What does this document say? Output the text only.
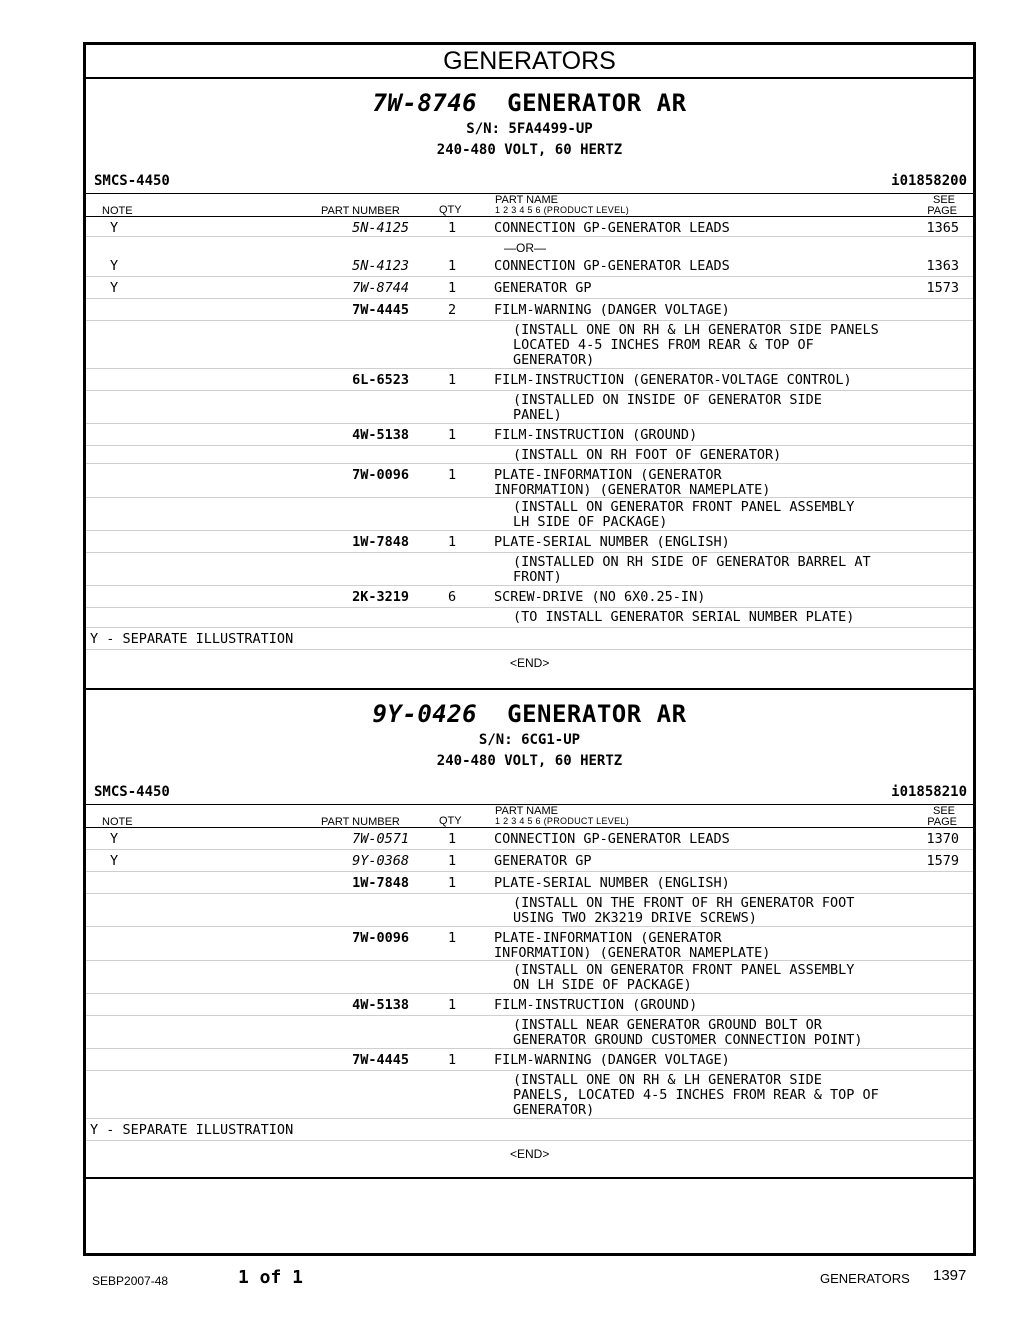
GENERATORS
7W-8746 GENERATOR AR
S/N: 5FA4499-UP
240-480 VOLT, 60 HERTZ
SMCS-4450	i01858200
NOTE	PART NUMBER	QTY
PART NAME
1 2 3 4 5 6 (PRODUCT LEVEL)
SEE
PAGE
Y	5N-4125	1	CONNECTION GP-GENERATOR LEADS	1365
—OR—
Y	5N-4123	1	CONNECTION GP-GENERATOR LEADS	1363
Y	7W-8744	1	GENERATOR GP	1573
7W-4445	2	FILM-WARNING (DANGER VOLTAGE)
(INSTALL ONE ON RH & LH GENERATOR SIDE PANELS
LOCATED 4-5 INCHES FROM REAR & TOP OF
GENERATOR)
6L-6523	1	FILM-INSTRUCTION (GENERATOR-VOLTAGE CONTROL)
(INSTALLED ON INSIDE OF GENERATOR SIDE
PANEL)
4W-5138	1	FILM-INSTRUCTION (GROUND)
(INSTALL ON RH FOOT OF GENERATOR)
7W-0096	1	PLATE-INFORMATION (GENERATOR
INFORMATION) (GENERATOR NAMEPLATE)
(INSTALL ON GENERATOR FRONT PANEL ASSEMBLY
LH SIDE OF PACKAGE)
1W-7848	1	PLATE-SERIAL NUMBER (ENGLISH)
(INSTALLED ON RH SIDE OF GENERATOR BARREL AT
FRONT)
2K-3219	6	SCREW-DRIVE (NO 6X0.25-IN)
(TO INSTALL GENERATOR SERIAL NUMBER PLATE)
Y - SEPARATE ILLUSTRATION
<END>
9Y-0426 GENERATOR AR
S/N: 6CG1-UP
240-480 VOLT, 60 HERTZ
SMCS-4450	i01858210
NOTE	PART NUMBER	QTY
PART NAME
1 2 3 4 5 6 (PRODUCT LEVEL)
SEE
PAGE
Y	7W-0571	1	CONNECTION GP-GENERATOR LEADS	1370
Y	9Y-0368	1	GENERATOR GP	1579
1W-7848	1	PLATE-SERIAL NUMBER (ENGLISH)
(INSTALL ON THE FRONT OF RH GENERATOR FOOT
USING TWO 2K3219 DRIVE SCREWS)
7W-0096	1	PLATE-INFORMATION (GENERATOR
INFORMATION) (GENERATOR NAMEPLATE)
(INSTALL ON GENERATOR FRONT PANEL ASSEMBLY
ON LH SIDE OF PACKAGE)
4W-5138	1	FILM-INSTRUCTION (GROUND)
(INSTALL NEAR GENERATOR GROUND BOLT OR
GENERATOR GROUND CUSTOMER CONNECTION POINT)
7W-4445	1	FILM-WARNING (DANGER VOLTAGE)
(INSTALL ONE ON RH & LH GENERATOR SIDE
PANELS, LOCATED 4-5 INCHES FROM REAR & TOP OF
GENERATOR)
Y - SEPARATE ILLUSTRATION
<END>
SEBP2007-48	1 of 1	GENERATORS 1397
